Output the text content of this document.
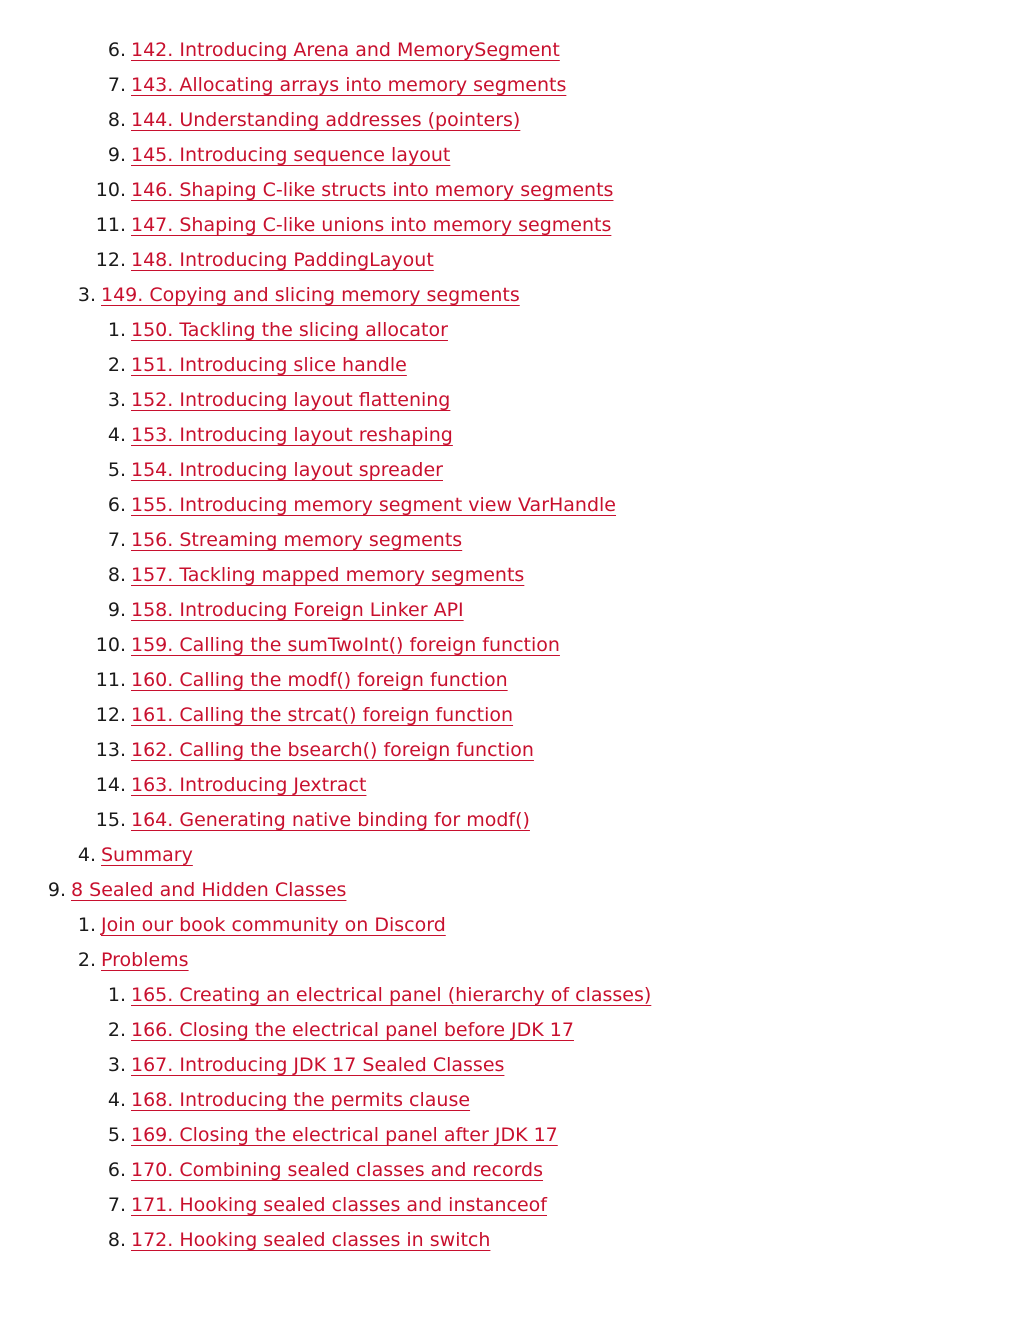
6. 142. Introducing Arena and MemorySegment
7. 143. Allocating arrays into memory segments
8. 144. Understanding addresses (pointers)
9. 145. Introducing sequence layout
10. 146. Shaping C-like structs into memory segments
11. 147. Shaping C-like unions into memory segments
12. 148. Introducing PaddingLayout
3. 149. Copying and slicing memory segments
1. 150. Tackling the slicing allocator
2. 151. Introducing slice handle
3. 152. Introducing layout flattening
4. 153. Introducing layout reshaping
5. 154. Introducing layout spreader
6. 155. Introducing memory segment view VarHandle
7. 156. Streaming memory segments
8. 157. Tackling mapped memory segments
9. 158. Introducing Foreign Linker API
10. 159. Calling the sumTwoInt() foreign function
11. 160. Calling the modf() foreign function
12. 161. Calling the strcat() foreign function
13. 162. Calling the bsearch() foreign function
14. 163. Introducing Jextract
15. 164. Generating native binding for modf()
4. Summary
9. 8 Sealed and Hidden Classes
1. Join our book community on Discord
2. Problems
1. 165. Creating an electrical panel (hierarchy of classes)
2. 166. Closing the electrical panel before JDK 17
3. 167. Introducing JDK 17 Sealed Classes
4. 168. Introducing the permits clause
5. 169. Closing the electrical panel after JDK 17
6. 170. Combining sealed classes and records
7. 171. Hooking sealed classes and instanceof
8. 172. Hooking sealed classes in switch
